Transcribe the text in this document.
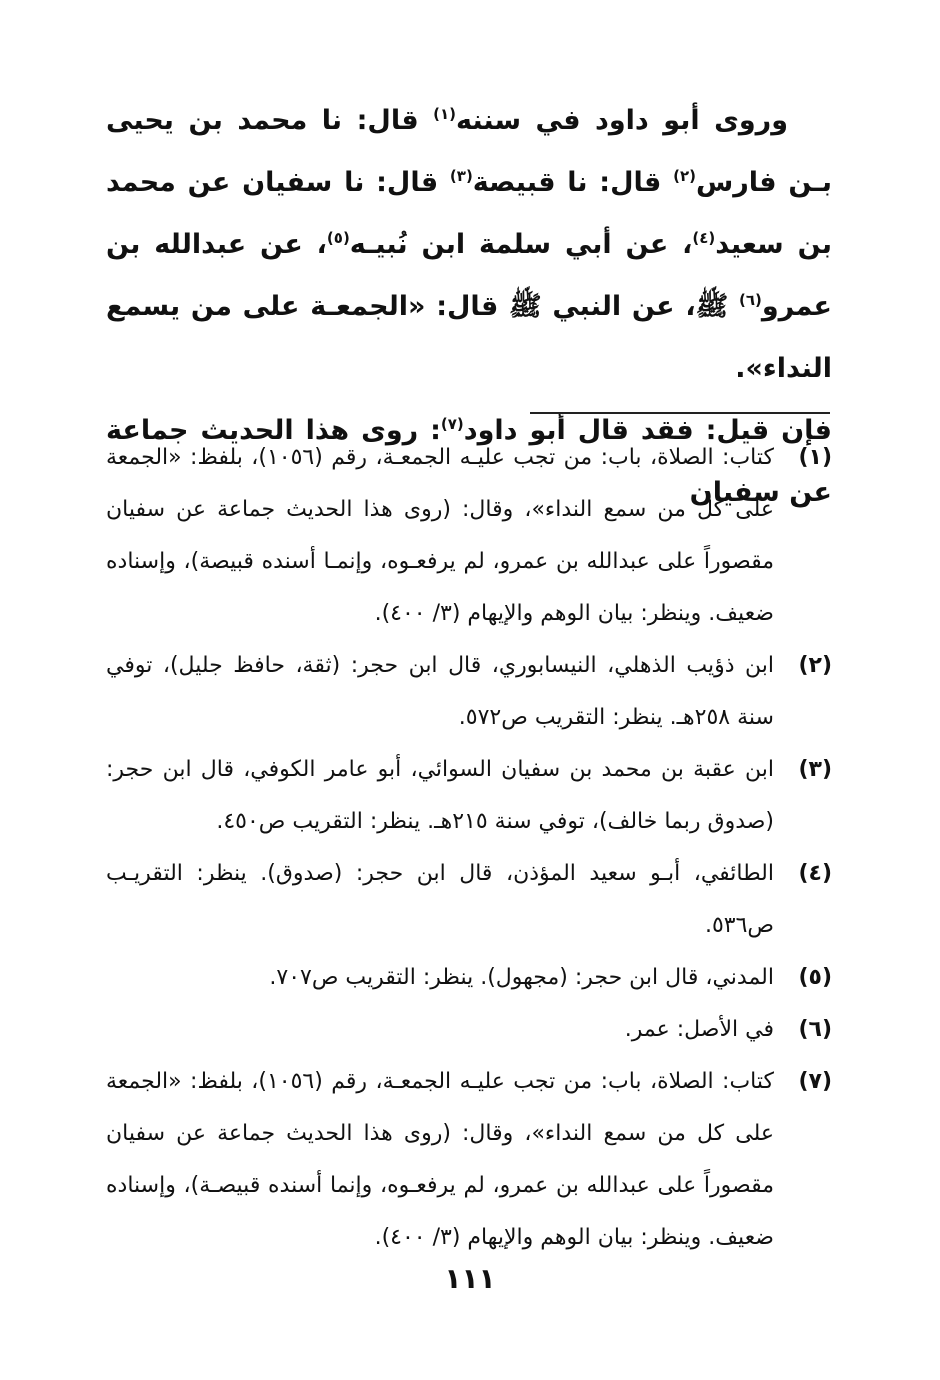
وروى أبو داود في سننه$^{(١)}$ قال: نا محمد بن يحيى بـن فارس$^{(٢)}$ قال: نا قبيصة$^{(٣)}$ قال: نا سفيان عن محمد بن سعيد$^{(٤)}$، عن أبي سلمة ابن نُبيـه$^{(٥)}$، عن عبدالله بن عمرو$^{(٦)}$ ﷺ، عن النبي ﷺ قال: «الجمعـة على من يسمع النداء».

فإن قيل: فقد قال أبو داود$^{(٧)}$: روى هذا الحديث جماعة عن سفيان

(١)
كتاب: الصلاة، باب: من تجب عليـه الجمعـة، رقم (١٠٥٦)، بلفظ: «الجمعة على كل من سمع النداء»، وقال: (روى هذا الحديث جماعة عن سفيان مقصوراً على عبدالله بن عمرو، لم يرفعـوه، وإنمـا أسنده قبيصة)، وإسناده ضعيف. وينظر: بيان الوهم والإيهام (٣/ ٤٠٠).
(٢)
ابن ذؤيب الذهلي، النيسابوري، قال ابن حجر: (ثقة، حافظ جليل)، توفي سنة ٢٥٨هـ. ينظر: التقريب ص٥٧٢.
(٣)
ابن عقبة بن محمد بن سفيان السوائي، أبو عامر الكوفي، قال ابن حجر: (صدوق ربما خالف)، توفي سنة ٢١٥هـ. ينظر: التقريب ص٤٥٠.
(٤)
الطائفي، أبـو سعيد المؤذن، قال ابن حجر: (صدوق). ينظر: التقريـب ص٥٣٦.
(٥)
المدني، قال ابن حجر: (مجهول). ينظر: التقريب ص٧٠٧.
(٦)
في الأصل: عمر.
(٧)
كتاب: الصلاة، باب: من تجب عليـه الجمعـة، رقم (١٠٥٦)، بلفظ: «الجمعة على كل من سمع النداء»، وقال: (روى هذا الحديث جماعة عن سفيان مقصوراً على عبدالله بن عمرو، لم يرفعـوه، وإنما أسنده قبيصـة)، وإسناده ضعيف. وينظر: بيان الوهم والإيهام (٣/ ٤٠٠).
١١١
